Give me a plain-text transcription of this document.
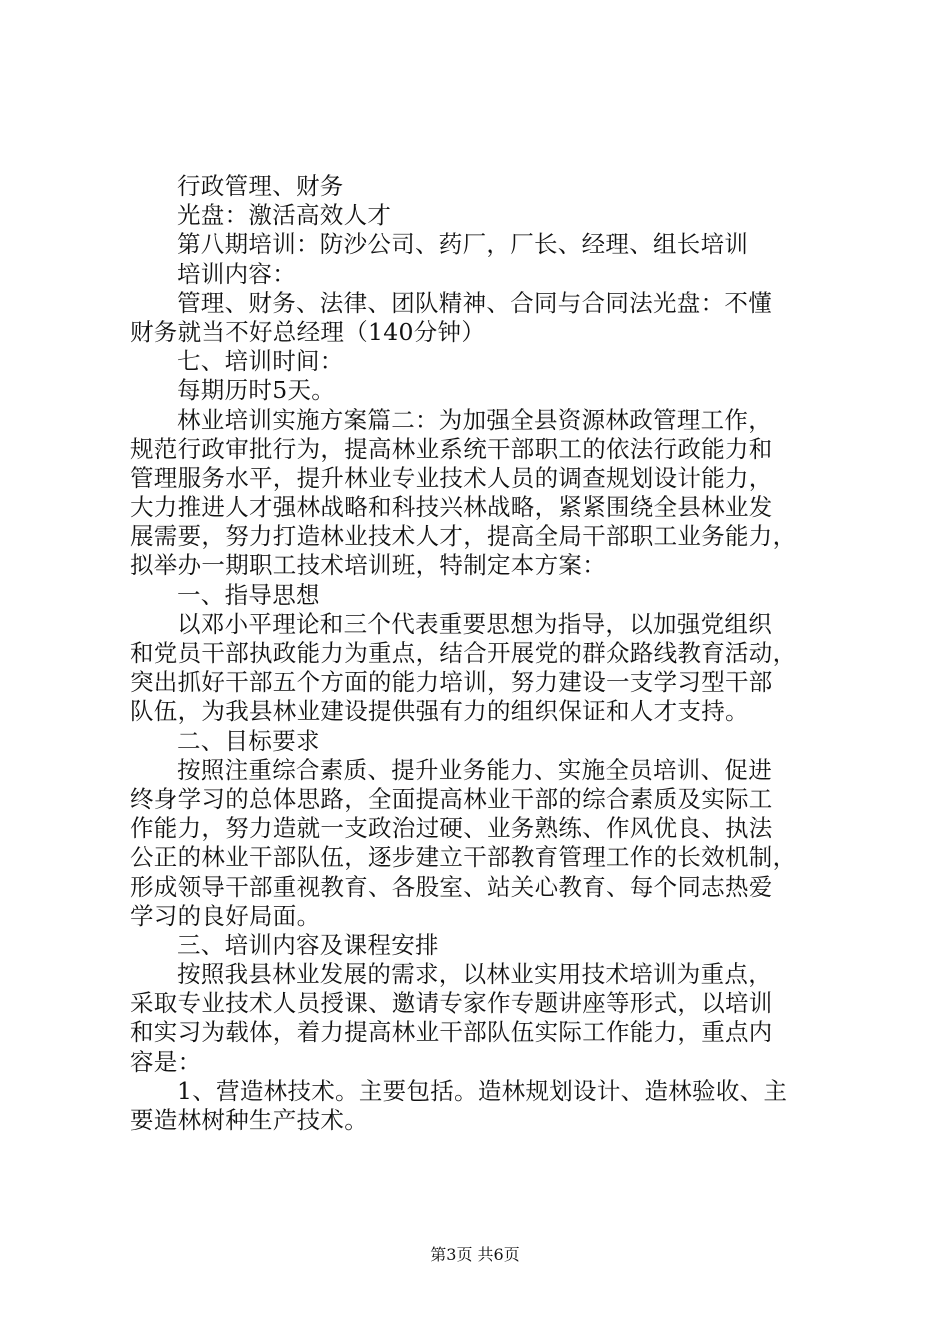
行政管理、财务
光盘：激活高效人才
第八期培训：防沙公司、药厂，厂长、经理、组长培训
培训内容：
管理、财务、法律、团队精神、合同与合同法光盘：不懂
财务就当不好总经理（140分钟）
七、培训时间：
每期历时5天。
林业培训实施方案篇二：为加强全县资源林政管理工作，
规范行政审批行为，提高林业系统干部职工的依法行政能力和
管理服务水平，提升林业专业技术人员的调查规划设计能力，
大力推进人才强林战略和科技兴林战略，紧紧围绕全县林业发
展需要，努力打造林业技术人才，提高全局干部职工业务能力，
拟举办一期职工技术培训班，特制定本方案：
一、指导思想
以邓小平理论和三个代表重要思想为指导，以加强党组织
和党员干部执政能力为重点，结合开展党的群众路线教育活动，
突出抓好干部五个方面的能力培训，努力建设一支学习型干部
队伍，为我县林业建设提供强有力的组织保证和人才支持。
二、目标要求
按照注重综合素质、提升业务能力、实施全员培训、促进
终身学习的总体思路，全面提高林业干部的综合素质及实际工
作能力，努力造就一支政治过硬、业务熟练、作风优良、执法
公正的林业干部队伍，逐步建立干部教育管理工作的长效机制，
形成领导干部重视教育、各股室、站关心教育、每个同志热爱
学习的良好局面。
三、培训内容及课程安排
按照我县林业发展的需求，以林业实用技术培训为重点，
采取专业技术人员授课、邀请专家作专题讲座等形式，以培训
和实习为载体，着力提高林业干部队伍实际工作能力，重点内
容是：
1、营造林技术。主要包括。造林规划设计、造林验收、主
要造林树种生产技术。
第3页 共6页
